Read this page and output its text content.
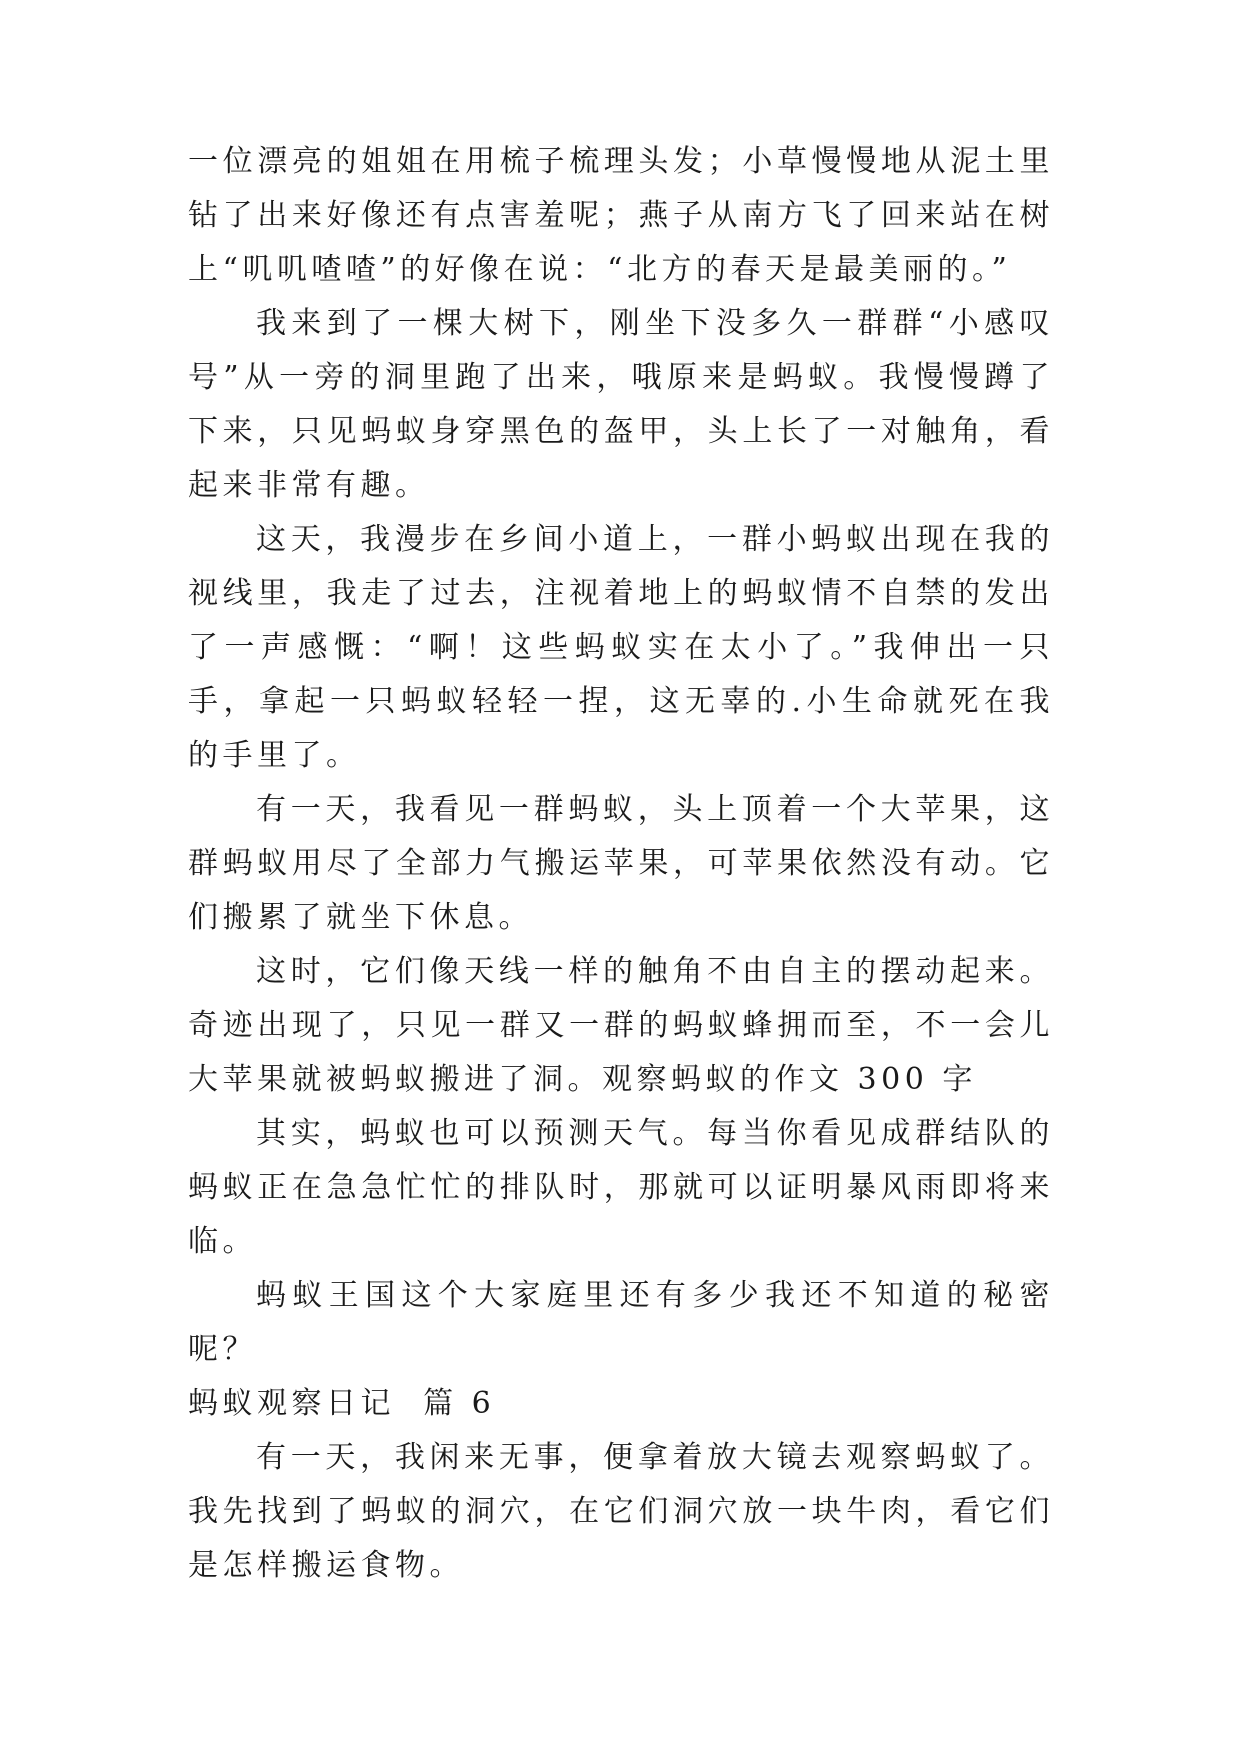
一位漂亮的姐姐在用梳子梳理头发；小草慢慢地从泥土里钻了出来好像还有点害羞呢；燕子从南方飞了回来站在树上“叽叽喳喳”的好像在说：“北方的春天是最美丽的。”

我来到了一棵大树下，刚坐下没多久一群群“小感叹号”从一旁的洞里跑了出来，哦原来是蚂蚁。我慢慢蹲了下来，只见蚂蚁身穿黑色的盔甲，头上长了一对触角，看起来非常有趣。

这天，我漫步在乡间小道上，一群小蚂蚁出现在我的视线里，我走了过去，注视着地上的蚂蚁情不自禁的发出了一声感慨：“啊！这些蚂蚁实在太小了。”我伸出一只手，拿起一只蚂蚁轻轻一捏，这无辜的.小生命就死在我的手里了。

有一天，我看见一群蚂蚁，头上顶着一个大苹果，这群蚂蚁用尽了全部力气搬运苹果，可苹果依然没有动。它们搬累了就坐下休息。

这时，它们像天线一样的触角不由自主的摆动起来。奇迹出现了，只见一群又一群的蚂蚁蜂拥而至，不一会儿大苹果就被蚂蚁搬进了洞。观察蚂蚁的作文 300 字

其实，蚂蚁也可以预测天气。每当你看见成群结队的蚂蚁正在急急忙忙的排队时，那就可以证明暴风雨即将来临。

蚂蚁王国这个大家庭里还有多少我还不知道的秘密呢？

蚂蚁观察日记  篇 6

有一天，我闲来无事，便拿着放大镜去观察蚂蚁了。我先找到了蚂蚁的洞穴，在它们洞穴放一块牛肉，看它们是怎样搬运食物。
